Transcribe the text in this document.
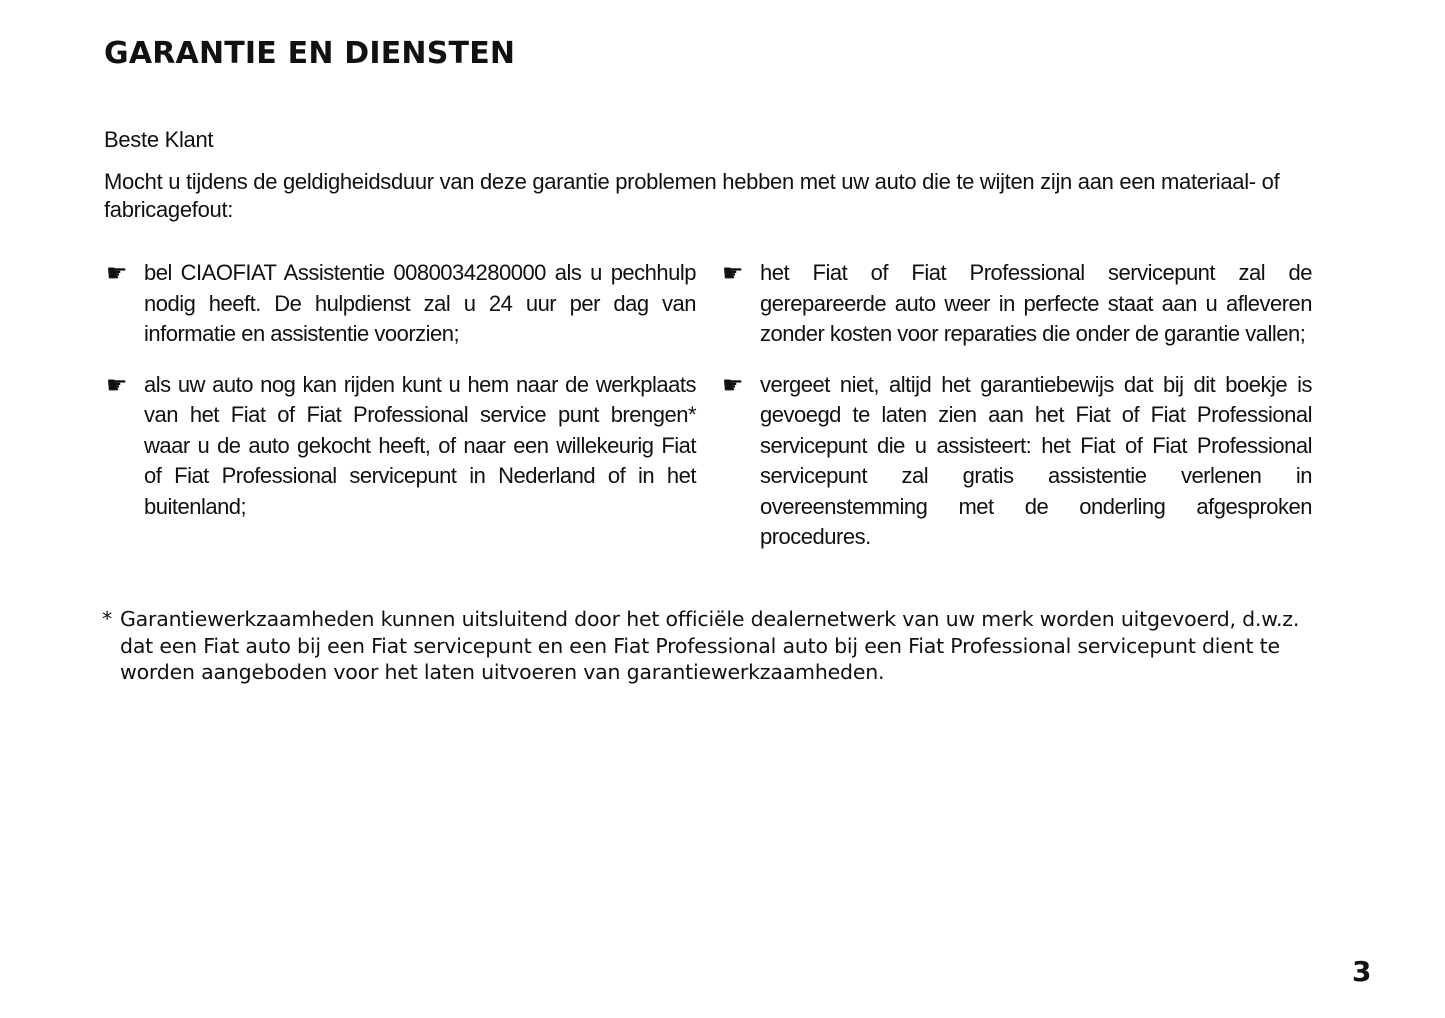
GARANTIE EN DIENSTEN

Beste Klant

Mocht u tijdens de geldigheidsduur van deze garantie problemen hebben met uw auto die te wijten zijn aan een materiaal- of fabricagefout:

☛ bel CIAOFIAT Assistentie 0080034280000 als u pechhulp nodig heeft. De hulpdienst zal u 24 uur per dag van informatie en assistentie voorzien;

☛ als uw auto nog kan rijden kunt u hem naar de werkplaats van het Fiat of Fiat Professional service punt brengen* waar u de auto gekocht heeft, of naar een willekeurig Fiat of Fiat Professional servicepunt in Nederland of in het buitenland;

☛ het Fiat of Fiat Professional servicepunt zal de gerepareerde auto weer in perfecte staat aan u afleveren zonder kosten voor reparaties die onder de garantie vallen;

☛ vergeet niet, altijd het garantiebewijs dat bij dit boekje is gevoegd te laten zien aan het Fiat of Fiat Professional servicepunt die u assisteert: het Fiat of Fiat Professional servicepunt zal gratis assistentie verlenen in overeenstemming met de onderling afgesproken procedures.

* Garantiewerkzaamheden kunnen uitsluitend door het officiële dealernetwerk van uw merk worden uitgevoerd, d.w.z. dat een Fiat auto bij een Fiat servicepunt en een Fiat Professional auto bij een Fiat Professional servicepunt dient te worden aangeboden voor het laten uitvoeren van garantiewerkzaamheden.

3
